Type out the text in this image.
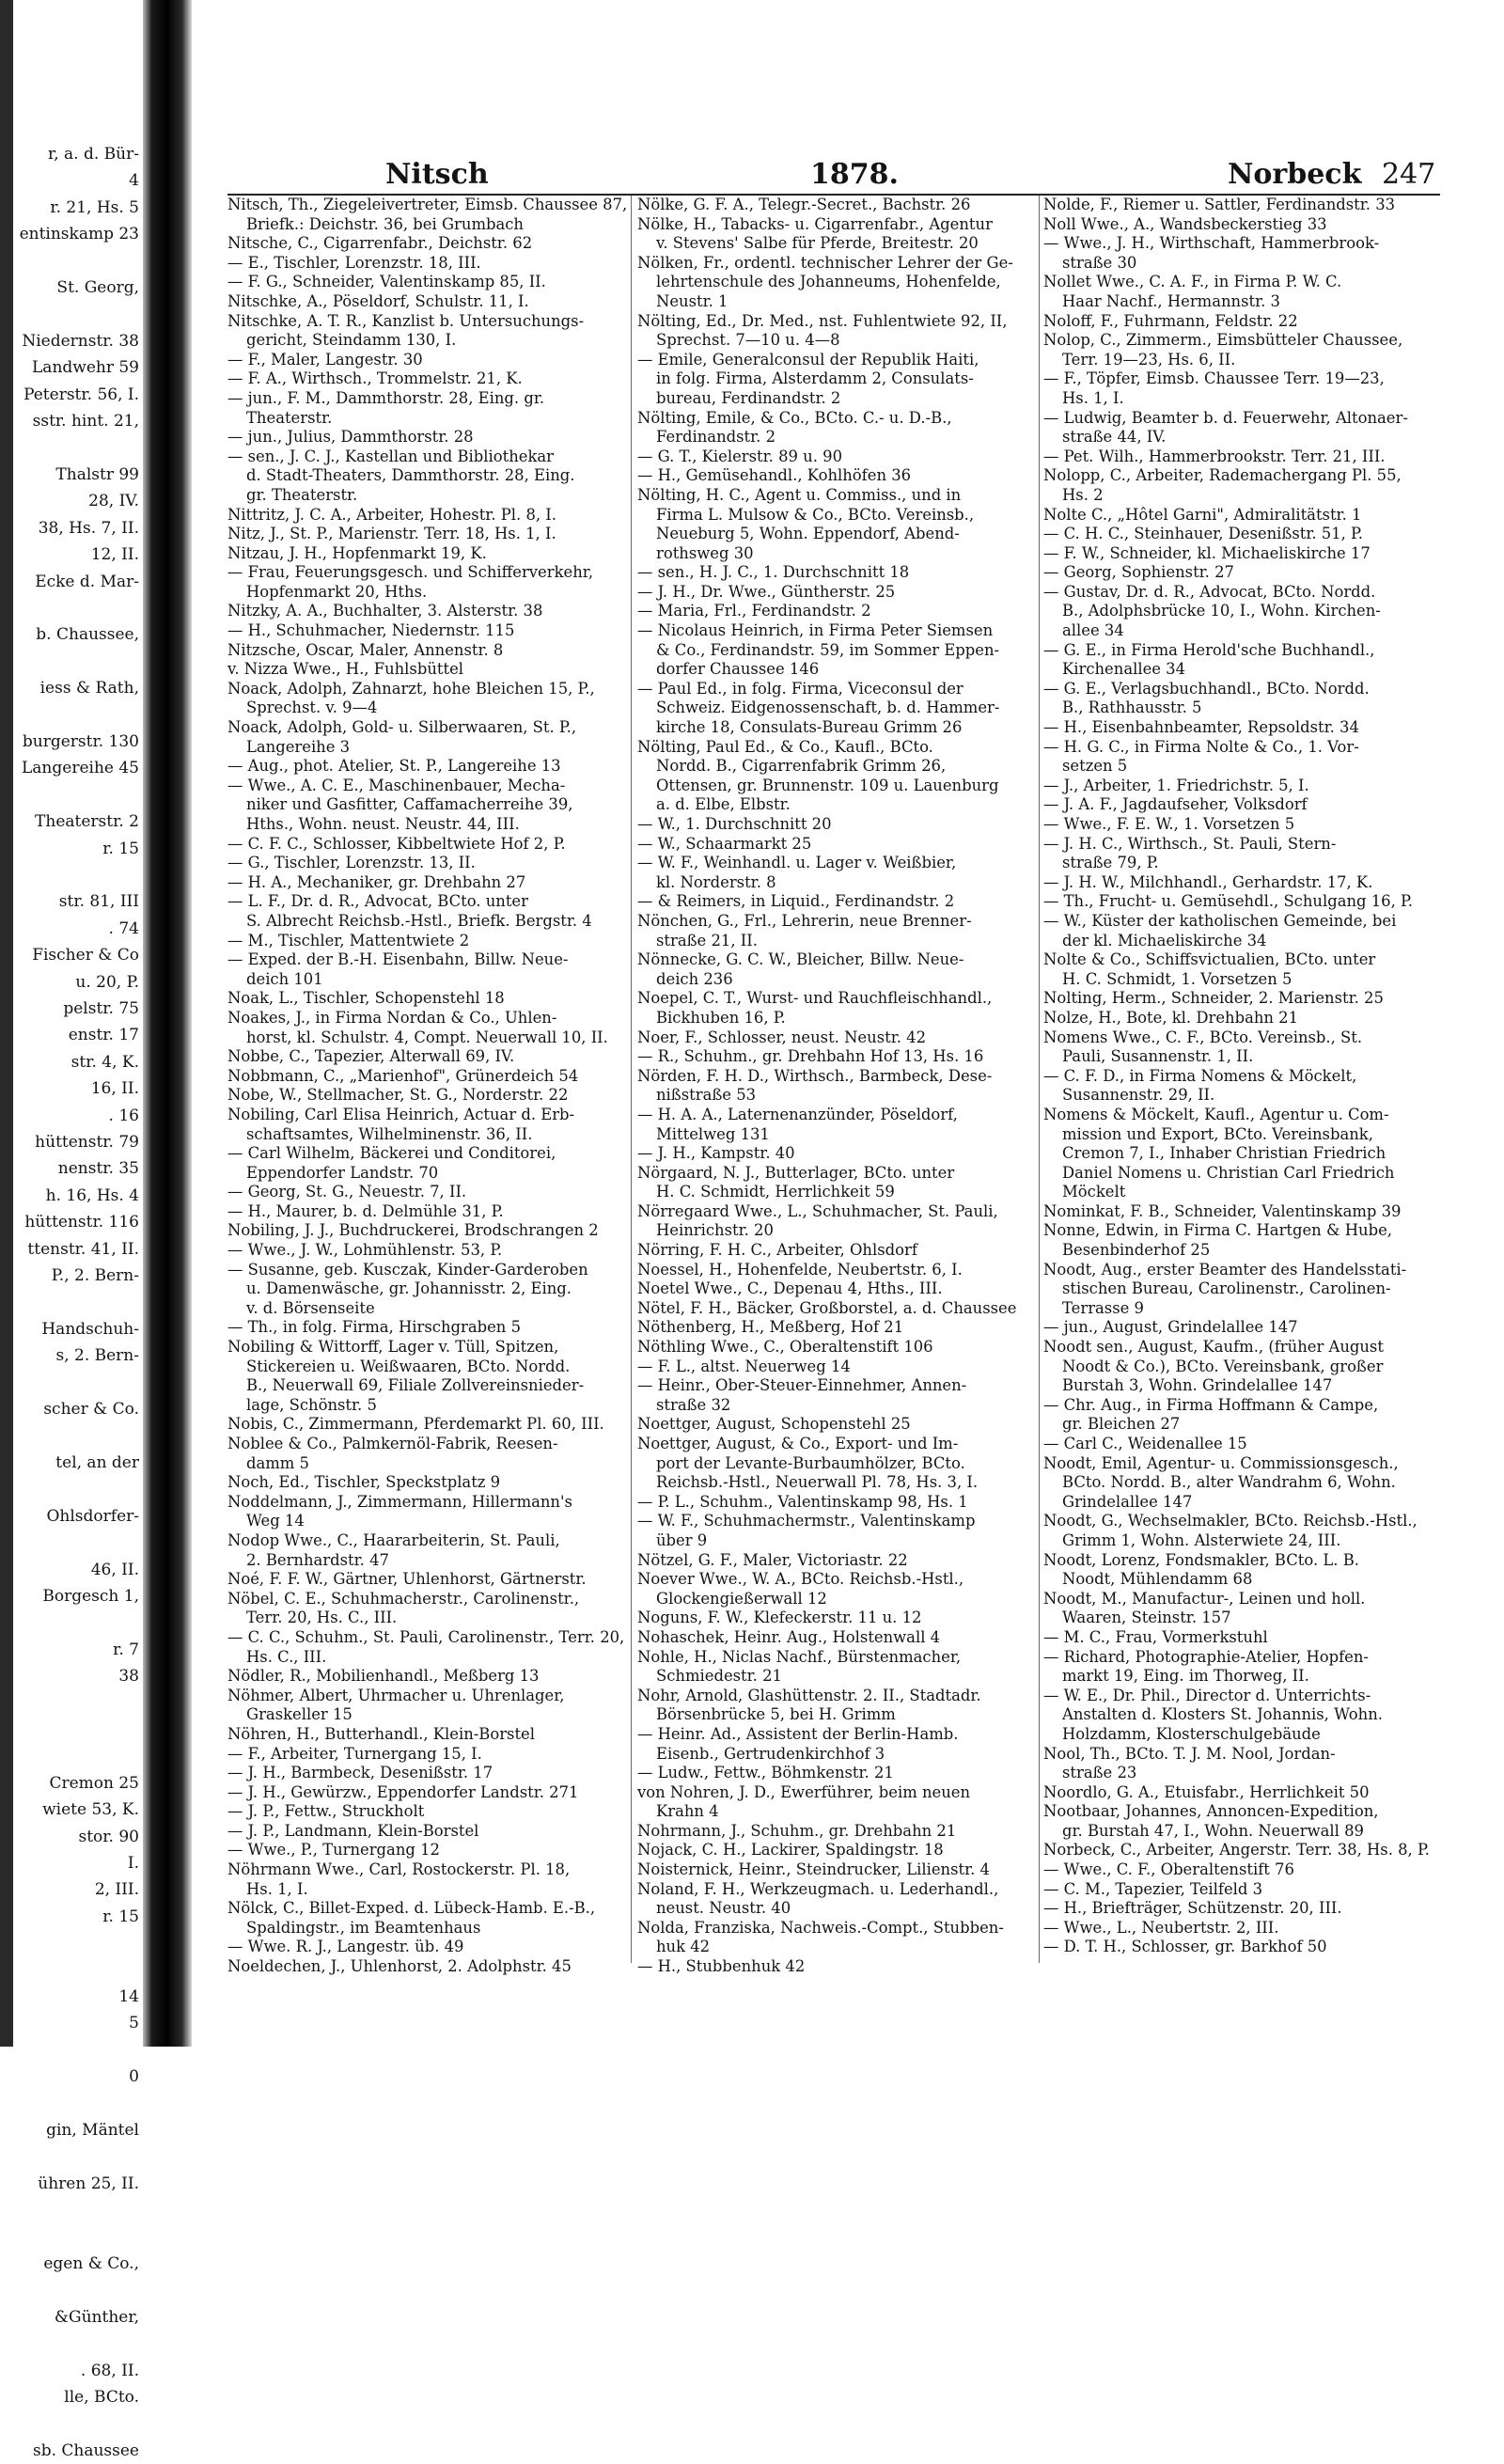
r, a. d. Bür-
4
r. 21, Hs. 5
entinskamp 23

St. Georg,

Niedernstr. 38
Landwehr 59
Peterstr. 56, I.
sstr. hint. 21,

Thalstr 99
28, IV.
38, Hs. 7, II.
12, II.
Ecke d. Mar-

b. Chaussee,

iess & Rath,

burgerstr. 130
Langereihe 45

Theaterstr. 2
r. 15

str. 81, III
. 74
Fischer & Co
u. 20, P.
pelstr. 75
enstr. 17
str. 4, K.
16, II.
. 16
hüttenstr. 79
nenstr. 35
h. 16, Hs. 4
hüttenstr. 116
ttenstr. 41, II.
P., 2. Bern-

Handschuh-
s, 2. Bern-

scher & Co.

tel, an der

Ohlsdorfer-

46, II.
Borgesch 1,

r. 7
38

Cremon 25
wiete 53, K.
stor. 90
I.
2, III.
r. 15

14
5

0

gin, Mäntel

ühren 25, II.

egen & Co.,

&Günther,

. 68, II.
lle, BCto.

sb. Chaussee
Nitsch	1878.	Norbeck 247
Nitsch, Th., Ziegeleivertreter, Eimsb. Chaussee 87,
Briefk.: Deichstr. 36, bei Grumbach
Nitsche, C., Cigarrenfabr., Deichstr. 62
— E., Tischler, Lorenzstr. 18, III.
— F. G., Schneider, Valentinskamp 85, II.
Nitschke, A., Pöseldorf, Schulstr. 11, I.
Nitschke, A. T. R., Kanzlist b. Untersuchungs-
gericht, Steindamm 130, I.
— F., Maler, Langestr. 30
— F. A., Wirthsch., Trommelstr. 21, K.
— jun., F. M., Dammthorstr. 28, Eing. gr.
Theaterstr.
— jun., Julius, Dammthorstr. 28
— sen., J. C. J., Kastellan und Bibliothekar
d. Stadt-Theaters, Dammthorstr. 28, Eing.
gr. Theaterstr.
Nittritz, J. C. A., Arbeiter, Hohestr. Pl. 8, I.
Nitz, J., St. P., Marienstr. Terr. 18, Hs. 1, I.
Nitzau, J. H., Hopfenmarkt 19, K.
— Frau, Feuerungsgesch. und Schifferverkehr,
Hopfenmarkt 20, Hths.
Nitzky, A. A., Buchhalter, 3. Alsterstr. 38
— H., Schuhmacher, Niedernstr. 115
Nitzsche, Oscar, Maler, Annenstr. 8
v. Nizza Wwe., H., Fuhlsbüttel
Noack, Adolph, Zahnarzt, hohe Bleichen 15, P.,
Sprechst. v. 9—4
Noack, Adolph, Gold- u. Silberwaaren, St. P.,
Langereihe 3
— Aug., phot. Atelier, St. P., Langereihe 13
— Wwe., A. C. E., Maschinenbauer, Mecha-
niker und Gasfitter, Caffamacherreihe 39,
Hths., Wohn. neust. Neustr. 44, III.
— C. F. C., Schlosser, Kibbeltwiete Hof 2, P.
— G., Tischler, Lorenzstr. 13, II.
— H. A., Mechaniker, gr. Drehbahn 27
— L. F., Dr. d. R., Advocat, BCto. unter
S. Albrecht Reichsb.-Hstl., Briefk. Bergstr. 4
— M., Tischler, Mattentwiete 2
— Exped. der B.-H. Eisenbahn, Billw. Neue-
deich 101
Noak, L., Tischler, Schopenstehl 18
Noakes, J., in Firma Nordan & Co., Uhlen-
horst, kl. Schulstr. 4, Compt. Neuerwall 10, II.
Nobbe, C., Tapezier, Alterwall 69, IV.
Nobbmann, C., „Marienhof", Grünerdeich 54
Nobe, W., Stellmacher, St. G., Norderstr. 22
Nobiling, Carl Elisa Heinrich, Actuar d. Erb-
schaftsamtes, Wilhelminenstr. 36, II.
— Carl Wilhelm, Bäckerei und Conditorei,
Eppendorfer Landstr. 70
— Georg, St. G., Neuestr. 7, II.
— H., Maurer, b. d. Delmühle 31, P.
Nobiling, J. J., Buchdruckerei, Brodschrangen 2
— Wwe., J. W., Lohmühlenstr. 53, P.
— Susanne, geb. Kusczak, Kinder-Garderoben
u. Damenwäsche, gr. Johannisstr. 2, Eing.
v. d. Börsenseite
— Th., in folg. Firma, Hirschgraben 5
Nobiling & Wittorff, Lager v. Tüll, Spitzen,
Stickereien u. Weißwaaren, BCto. Nordd.
B., Neuerwall 69, Filiale Zollvereinsnieder-
lage, Schönstr. 5
Nobis, C., Zimmermann, Pferdemarkt Pl. 60, III.
Noblee & Co., Palmkernöl-Fabrik, Reesen-
damm 5
Noch, Ed., Tischler, Speckstplatz 9
Noddelmann, J., Zimmermann, Hillermann's
Weg 14
Nodop Wwe., C., Haararbeiterin, St. Pauli,
2. Bernhardstr. 47
Noé, F. F. W., Gärtner, Uhlenhorst, Gärtnerstr.
Nöbel, C. E., Schuhmacherstr., Carolinenstr.,
Terr. 20, Hs. C., III.
— C. C., Schuhm., St. Pauli, Carolinenstr., Terr. 20,
Hs. C., III.
Nödler, R., Mobilienhandl., Meßberg 13
Nöhmer, Albert, Uhrmacher u. Uhrenlager,
Graskeller 15
Nöhren, H., Butterhandl., Klein-Borstel
— F., Arbeiter, Turnergang 15, I.
— J. H., Barmbeck, Desenißstr. 17
— J. H., Gewürzw., Eppendorfer Landstr. 271
— J. P., Fettw., Struckholt
— J. P., Landmann, Klein-Borstel
— Wwe., P., Turnergang 12
Nöhrmann Wwe., Carl, Rostockerstr. Pl. 18,
Hs. 1, I.
Nölck, C., Billet-Exped. d. Lübeck-Hamb. E.-B.,
Spaldingstr., im Beamtenhaus
— Wwe. R. J., Langestr. üb. 49
Noeldechen, J., Uhlenhorst, 2. Adolphstr. 45
Nölke, G. F. A., Telegr.-Secret., Bachstr. 26
Nölke, H., Tabacks- u. Cigarrenfabr., Agentur
v. Stevens' Salbe für Pferde, Breitestr. 20
Nölken, Fr., ordentl. technischer Lehrer der Ge-
lehrtenschule des Johanneums, Hohenfelde,
Neustr. 1
Nölting, Ed., Dr. Med., nst. Fuhlentwiete 92, II,
Sprechst. 7—10 u. 4—8
— Emile, Generalconsul der Republik Haiti,
in folg. Firma, Alsterdamm 2, Consulats-
bureau, Ferdinandstr. 2
Nölting, Emile, & Co., BCto. C.- u. D.-B.,
Ferdinandstr. 2
— G. T., Kielerstr. 89 u. 90
— H., Gemüsehandl., Kohlhöfen 36
Nölting, H. C., Agent u. Commiss., und in
Firma L. Mulsow & Co., BCto. Vereinsb.,
Neueburg 5, Wohn. Eppendorf, Abend-
rothsweg 30
— sen., H. J. C., 1. Durchschnitt 18
— J. H., Dr. Wwe., Güntherstr. 25
— Maria, Frl., Ferdinandstr. 2
— Nicolaus Heinrich, in Firma Peter Siemsen
& Co., Ferdinandstr. 59, im Sommer Eppen-
dorfer Chaussee 146
— Paul Ed., in folg. Firma, Viceconsul der
Schweiz. Eidgenossenschaft, b. d. Hammer-
kirche 18, Consulats-Bureau Grimm 26
Nölting, Paul Ed., & Co., Kaufl., BCto.
Nordd. B., Cigarrenfabrik Grimm 26,
Ottensen, gr. Brunnenstr. 109 u. Lauenburg
a. d. Elbe, Elbstr.
— W., 1. Durchschnitt 20
— W., Schaarmarkt 25
— W. F., Weinhandl. u. Lager v. Weißbier,
kl. Norderstr. 8
— & Reimers, in Liquid., Ferdinandstr. 2
Nönchen, G., Frl., Lehrerin, neue Brenner-
straße 21, II.
Nönnecke, G. C. W., Bleicher, Billw. Neue-
deich 236
Noepel, C. T., Wurst- und Rauchfleischhandl.,
Bickhuben 16, P.
Noer, F., Schlosser, neust. Neustr. 42
— R., Schuhm., gr. Drehbahn Hof 13, Hs. 16
Nörden, F. H. D., Wirthsch., Barmbeck, Dese-
nißstraße 53
— H. A. A., Laternenanzünder, Pöseldorf,
Mittelweg 131
— J. H., Kampstr. 40
Nörgaard, N. J., Butterlager, BCto. unter
H. C. Schmidt, Herrlichkeit 59
Nörregaard Wwe., L., Schuhmacher, St. Pauli,
Heinrichstr. 20
Nörring, F. H. C., Arbeiter, Ohlsdorf
Noessel, H., Hohenfelde, Neubertstr. 6, I.
Noetel Wwe., C., Depenau 4, Hths., III.
Nötel, F. H., Bäcker, Großborstel, a. d. Chaussee
Nöthenberg, H., Meßberg, Hof 21
Nöthling Wwe., C., Oberaltenstift 106
— F. L., altst. Neuerweg 14
— Heinr., Ober-Steuer-Einnehmer, Annen-
straße 32
Noettger, August, Schopenstehl 25
Noettger, August, & Co., Export- und Im-
port der Levante-Burbaumhölzer, BCto.
Reichsb.-Hstl., Neuerwall Pl. 78, Hs. 3, I.
— P. L., Schuhm., Valentinskamp 98, Hs. 1
— W. F., Schuhmachermstr., Valentinskamp
über 9
Nötzel, G. F., Maler, Victoriastr. 22
Noever Wwe., W. A., BCto. Reichsb.-Hstl.,
Glockengießerwall 12
Noguns, F. W., Klefeckerstr. 11 u. 12
Nohaschek, Heinr. Aug., Holstenwall 4
Nohle, H., Niclas Nachf., Bürstenmacher,
Schmiedestr. 21
Nohr, Arnold, Glashüttenstr. 2. II., Stadtadr.
Börsenbrücke 5, bei H. Grimm
— Heinr. Ad., Assistent der Berlin-Hamb.
Eisenb., Gertrudenkirchhof 3
— Ludw., Fettw., Böhmkenstr. 21
von Nohren, J. D., Ewerführer, beim neuen
Krahn 4
Nohrmann, J., Schuhm., gr. Drehbahn 21
Nojack, C. H., Lackirer, Spaldingstr. 18
Noisternick, Heinr., Steindrucker, Lilienstr. 4
Noland, F. H., Werkzeugmach. u. Lederhandl.,
neust. Neustr. 40
Nolda, Franziska, Nachweis.-Compt., Stubben-
huk 42
— H., Stubbenhuk 42
Nolde, F., Riemer u. Sattler, Ferdinandstr. 33
Noll Wwe., A., Wandsbeckerstieg 33
— Wwe., J. H., Wirthschaft, Hammerbrook-
straße 30
Nollet Wwe., C. A. F., in Firma P. W. C.
Haar Nachf., Hermannstr. 3
Noloff, F., Fuhrmann, Feldstr. 22
Nolop, C., Zimmerm., Eimsbütteler Chaussee,
Terr. 19—23, Hs. 6, II.
— F., Töpfer, Eimsb. Chaussee Terr. 19—23,
Hs. 1, I.
— Ludwig, Beamter b. d. Feuerwehr, Altonaer-
straße 44, IV.
— Pet. Wilh., Hammerbrookstr. Terr. 21, III.
Nolopp, C., Arbeiter, Rademachergang Pl. 55,
Hs. 2
Nolte C., „Hôtel Garni", Admiralitätstr. 1
— C. H. C., Steinhauer, Desenißstr. 51, P.
— F. W., Schneider, kl. Michaeliskirche 17
— Georg, Sophienstr. 27
— Gustav, Dr. d. R., Advocat, BCto. Nordd.
B., Adolphsbrücke 10, I., Wohn. Kirchen-
allee 34
— G. E., in Firma Herold'sche Buchhandl.,
Kirchenallee 34
— G. E., Verlagsbuchhandl., BCto. Nordd.
B., Rathhausstr. 5
— H., Eisenbahnbeamter, Repsoldstr. 34
— H. G. C., in Firma Nolte & Co., 1. Vor-
setzen 5
— J., Arbeiter, 1. Friedrichstr. 5, I.
— J. A. F., Jagdaufseher, Volksdorf
— Wwe., F. E. W., 1. Vorsetzen 5
— J. H. C., Wirthsch., St. Pauli, Stern-
straße 79, P.
— J. H. W., Milchhandl., Gerhardstr. 17, K.
— Th., Frucht- u. Gemüsehdl., Schulgang 16, P.
— W., Küster der katholischen Gemeinde, bei
der kl. Michaeliskirche 34
Nolte & Co., Schiffsvictualien, BCto. unter
H. C. Schmidt, 1. Vorsetzen 5
Nolting, Herm., Schneider, 2. Marienstr. 25
Nolze, H., Bote, kl. Drehbahn 21
Nomens Wwe., C. F., BCto. Vereinsb., St.
Pauli, Susannenstr. 1, II.
— C. F. D., in Firma Nomens & Möckelt,
Susannenstr. 29, II.
Nomens & Möckelt, Kaufl., Agentur u. Com-
mission und Export, BCto. Vereinsbank,
Cremon 7, I., Inhaber Christian Friedrich
Daniel Nomens u. Christian Carl Friedrich
Möckelt
Nominkat, F. B., Schneider, Valentinskamp 39
Nonne, Edwin, in Firma C. Hartgen & Hube,
Besenbinderhof 25
Noodt, Aug., erster Beamter des Handelsstati-
stischen Bureau, Carolinenstr., Carolinen-
Terrasse 9
— jun., August, Grindelallee 147
Noodt sen., August, Kaufm., (früher August
Noodt & Co.), BCto. Vereinsbank, großer
Burstah 3, Wohn. Grindelallee 147
— Chr. Aug., in Firma Hoffmann & Campe,
gr. Bleichen 27
— Carl C., Weidenallee 15
Noodt, Emil, Agentur- u. Commissionsgesch.,
BCto. Nordd. B., alter Wandrahm 6, Wohn.
Grindelallee 147
Noodt, G., Wechselmakler, BCto. Reichsb.-Hstl.,
Grimm 1, Wohn. Alsterwiete 24, III.
Noodt, Lorenz, Fondsmakler, BCto. L. B.
Noodt, Mühlendamm 68
Noodt, M., Manufactur-, Leinen und holl.
Waaren, Steinstr. 157
— M. C., Frau, Vormerkstuhl
— Richard, Photographie-Atelier, Hopfen-
markt 19, Eing. im Thorweg, II.
— W. E., Dr. Phil., Director d. Unterrichts-
Anstalten d. Klosters St. Johannis, Wohn.
Holzdamm, Klosterschulgebäude
Nool, Th., BCto. T. J. M. Nool, Jordan-
straße 23
Noordlo, G. A., Etuisfabr., Herrlichkeit 50
Nootbaar, Johannes, Annoncen-Expedition,
gr. Burstah 47, I., Wohn. Neuerwall 89
Norbeck, C., Arbeiter, Angerstr. Terr. 38, Hs. 8, P.
— Wwe., C. F., Oberaltenstift 76
— C. M., Tapezier, Teilfeld 3
— H., Briefträger, Schützenstr. 20, III.
— Wwe., L., Neubertstr. 2, III.
— D. T. H., Schlosser, gr. Barkhof 50
